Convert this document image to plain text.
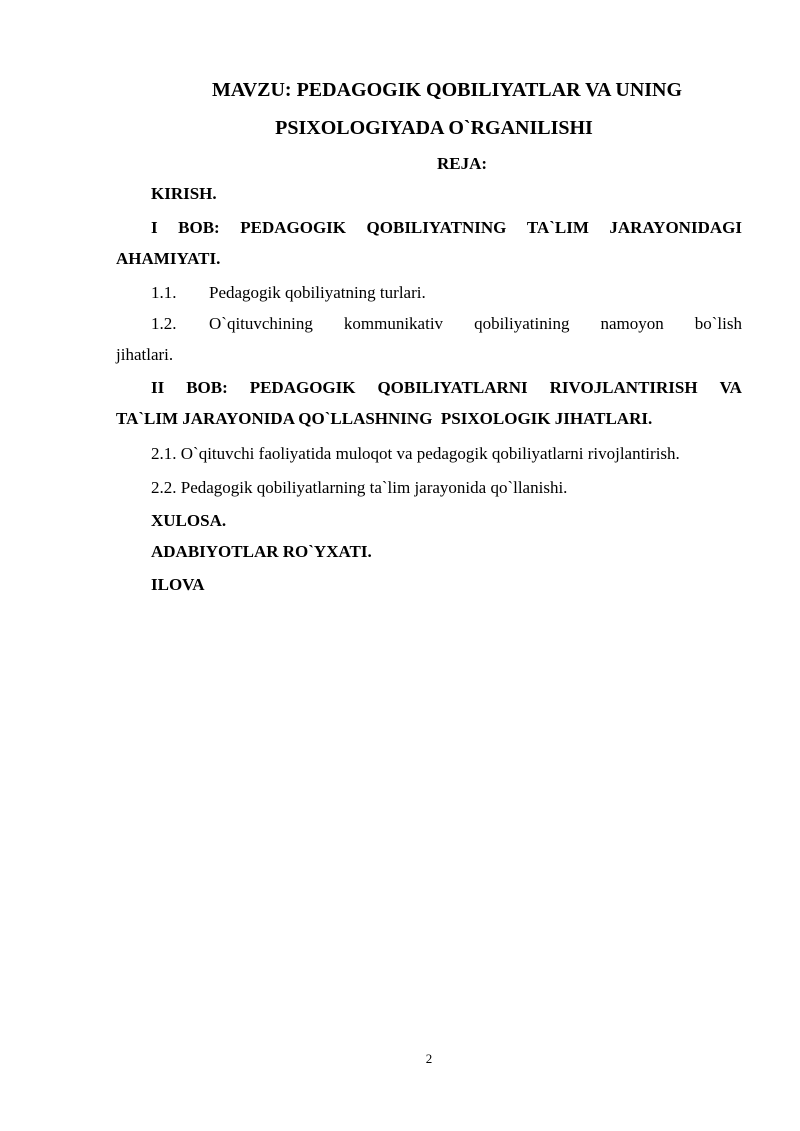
MAVZU: PEDAGOGIK QOBILIYATLAR VA UNING
PSIXOLOGIYADA O`RGANILISHI
REJA:
KIRISH.
I BOB: PEDAGOGIK QOBILIYATNING TA`LIM JARAYONIDAGI
AHAMIYATI.
1.1. Pedagogik qobiliyatning turlari.
1.2.	O`qituvchining kommunikativ qobiliyatining namoyon bo`lish
jihatlari.
II BOB: PEDAGOGIK QOBILIYATLARNI RIVOJLANTIRISH VA
TA`LIM JARAYONIDA QO`LLASHNING  PSIXOLOGIK JIHATLARI.
2.1. O`qituvchi faoliyatida muloqot va pedagogik qobiliyatlarni rivojlantirish.
2.2. Pedagogik qobiliyatlarning ta`lim jarayonida qo`llanishi.
XULOSA.
ADABIYOTLAR RO`YXATI.
ILOVA
2
